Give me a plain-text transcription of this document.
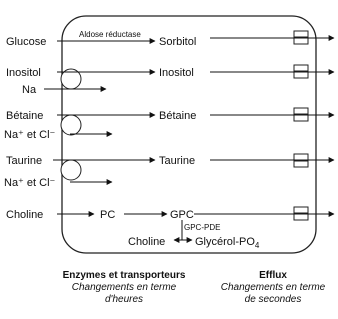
Glucose
Inositol
Na
Bétaine
Na⁺ et Cl⁻
Taurine
Na⁺ et Cl⁻
Choline
Aldose réductase
Sorbitol
Inositol
Bétaine
Taurine
PC	GPC
GPC-PDE
Choline	Glycérol-$PO_4$
Enzymes et transporteurs
Changements en terme
d'heures
Efflux
Changements en terme
de secondes
